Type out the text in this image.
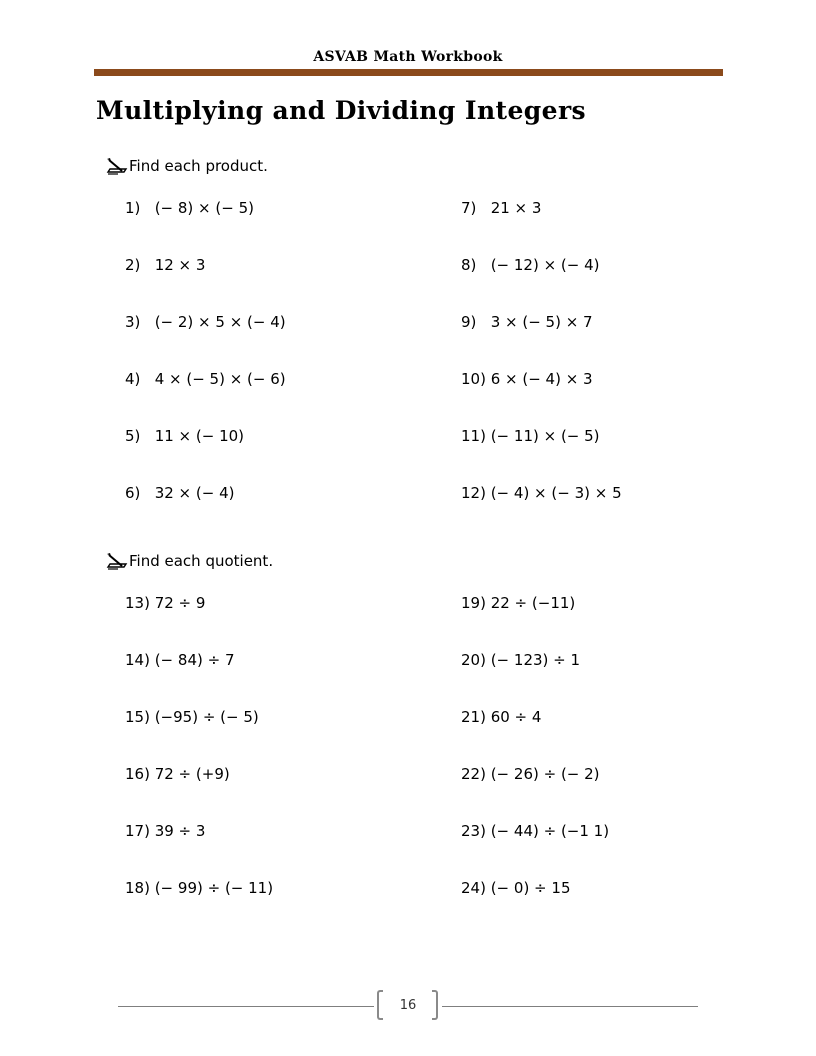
ASVAB Math Workbook
Multiplying and Dividing Integers
Find each product.
1)   (− 8) × (− 5)
2)   12 × 3
3)   (− 2) × 5 × (− 4)
4)   4 × (− 5) × (− 6)
5)   11 × (− 10)
6)   32 × (− 4)
7)   21 × 3
8)   (− 12) × (− 4)
9)   3 × (− 5) × 7
10) 6 × (− 4) × 3
11) (− 11) × (− 5)
12) (− 4) × (− 3) × 5
Find each quotient.
13) 72 ÷ 9
14) (− 84) ÷ 7
15) (−95) ÷ (− 5)
16) 72 ÷ (+9)
17) 39 ÷ 3
18) (− 99) ÷ (− 11)
19) 22 ÷ (−11)
20) (− 123) ÷ 1
21) 60 ÷ 4
22) (− 26) ÷ (− 2)
23) (− 44) ÷ (−1 1)
24) (− 0) ÷ 15
16
